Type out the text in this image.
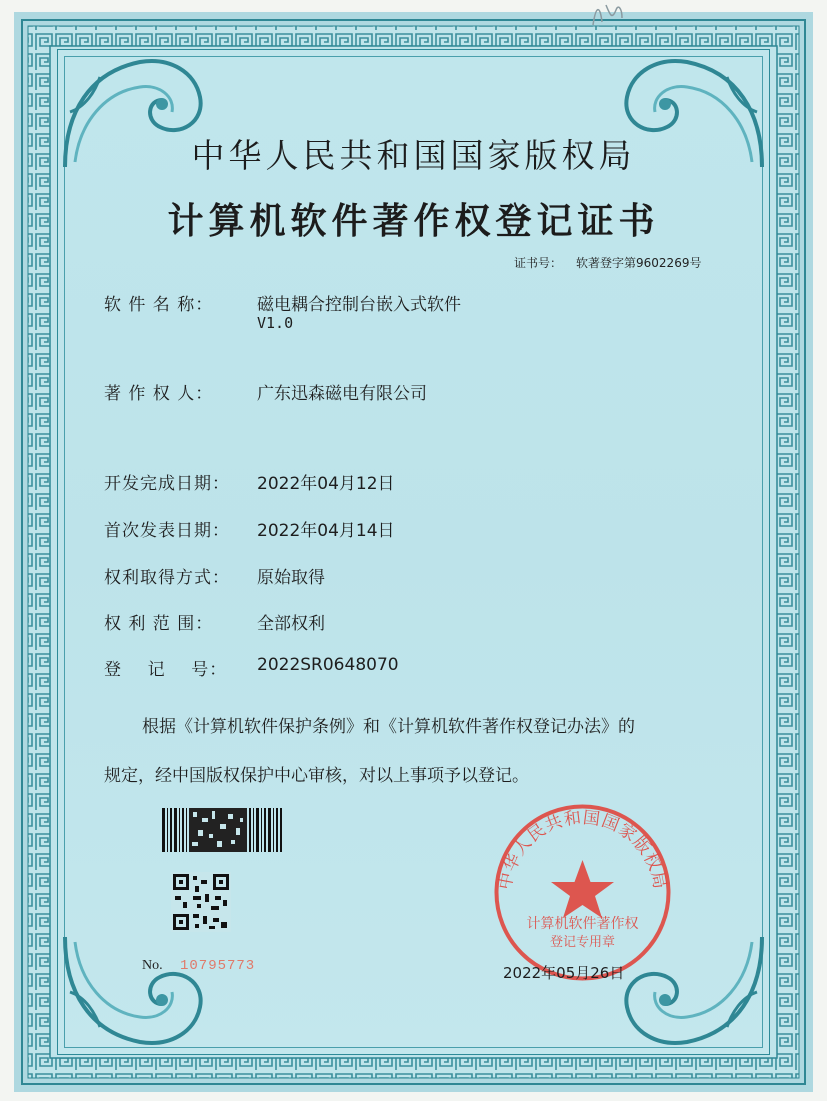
中华人民共和国国家版权局
计算机软件著作权登记证书
证书号： 软著登字第9602269号
软 件 名 称：	磁电耦合控制台嵌入式软件
V1.0
著 作 权 人：	广东迅森磁电有限公司
开发完成日期： 2022年04月12日
首次发表日期： 2022年04月14日
权利取得方式： 原始取得
权 利 范 围：	全部权利
登    记    号： 2022SR0648070
根据《计算机软件保护条例》和《计算机软件著作权登记办法》的
规定，经中国版权保护中心审核，对以上事项予以登记。
No. 10795773
中华人民共和国国家版权局
计算机软件著作权
登记专用章
2022年05月26日
